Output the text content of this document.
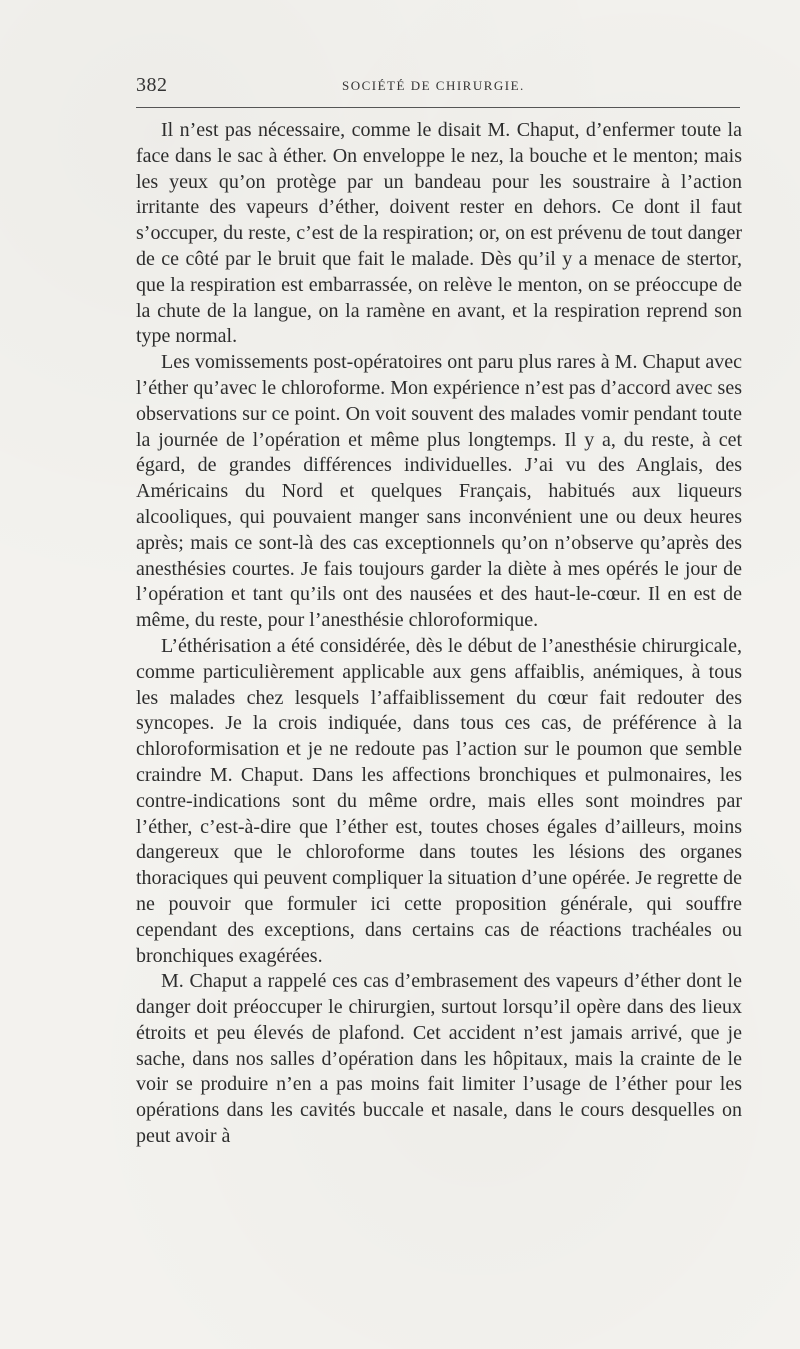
382	SOCIÉTÉ DE CHIRURGIE.

Il n’est pas nécessaire, comme le disait M. Chaput, d’enfermer toute la face dans le sac à éther. On enveloppe le nez, la bouche et le menton; mais les yeux qu’on protège par un bandeau pour les soustraire à l’action irritante des vapeurs d’éther, doivent rester en dehors. Ce dont il faut s’occuper, du reste, c’est de la respiration; or, on est prévenu de tout danger de ce côté par le bruit que fait le malade. Dès qu’il y a menace de stertor, que la respiration est embarrassée, on relève le menton, on se préoccupe de la chute de la langue, on la ramène en avant, et la respiration reprend son type normal.

Les vomissements post-opératoires ont paru plus rares à M. Chaput avec l’éther qu’avec le chloroforme. Mon expérience n’est pas d’accord avec ses observations sur ce point. On voit souvent des malades vomir pendant toute la journée de l’opération et même plus longtemps. Il y a, du reste, à cet égard, de grandes différences individuelles. J’ai vu des Anglais, des Américains du Nord et quelques Français, habitués aux liqueurs alcooliques, qui pouvaient manger sans inconvénient une ou deux heures après; mais ce sont-là des cas exceptionnels qu’on n’observe qu’après des anesthésies courtes. Je fais toujours garder la diète à mes opérés le jour de l’opération et tant qu’ils ont des nausées et des haut-le-cœur. Il en est de même, du reste, pour l’anesthésie chloroformique.

L’éthérisation a été considérée, dès le début de l’anesthésie chirurgicale, comme particulièrement applicable aux gens affaiblis, anémiques, à tous les malades chez lesquels l’affaiblissement du cœur fait redouter des syncopes. Je la crois indiquée, dans tous ces cas, de préférence à la chloroformisation et je ne redoute pas l’action sur le poumon que semble craindre M. Chaput. Dans les affections bronchiques et pulmonaires, les contre-indications sont du même ordre, mais elles sont moindres par l’éther, c’est-à-dire que l’éther est, toutes choses égales d’ailleurs, moins dangereux que le chloroforme dans toutes les lésions des organes thoraciques qui peuvent compliquer la situation d’une opérée. Je regrette de ne pouvoir que formuler ici cette proposition générale, qui souffre cependant des exceptions, dans certains cas de réactions trachéales ou bronchiques exagérées.

M. Chaput a rappelé ces cas d’embrasement des vapeurs d’éther dont le danger doit préoccuper le chirurgien, surtout lorsqu’il opère dans des lieux étroits et peu élevés de plafond. Cet accident n’est jamais arrivé, que je sache, dans nos salles d’opération dans les hôpitaux, mais la crainte de le voir se produire n’en a pas moins fait limiter l’usage de l’éther pour les opérations dans les cavités buccale et nasale, dans le cours desquelles on peut avoir à
